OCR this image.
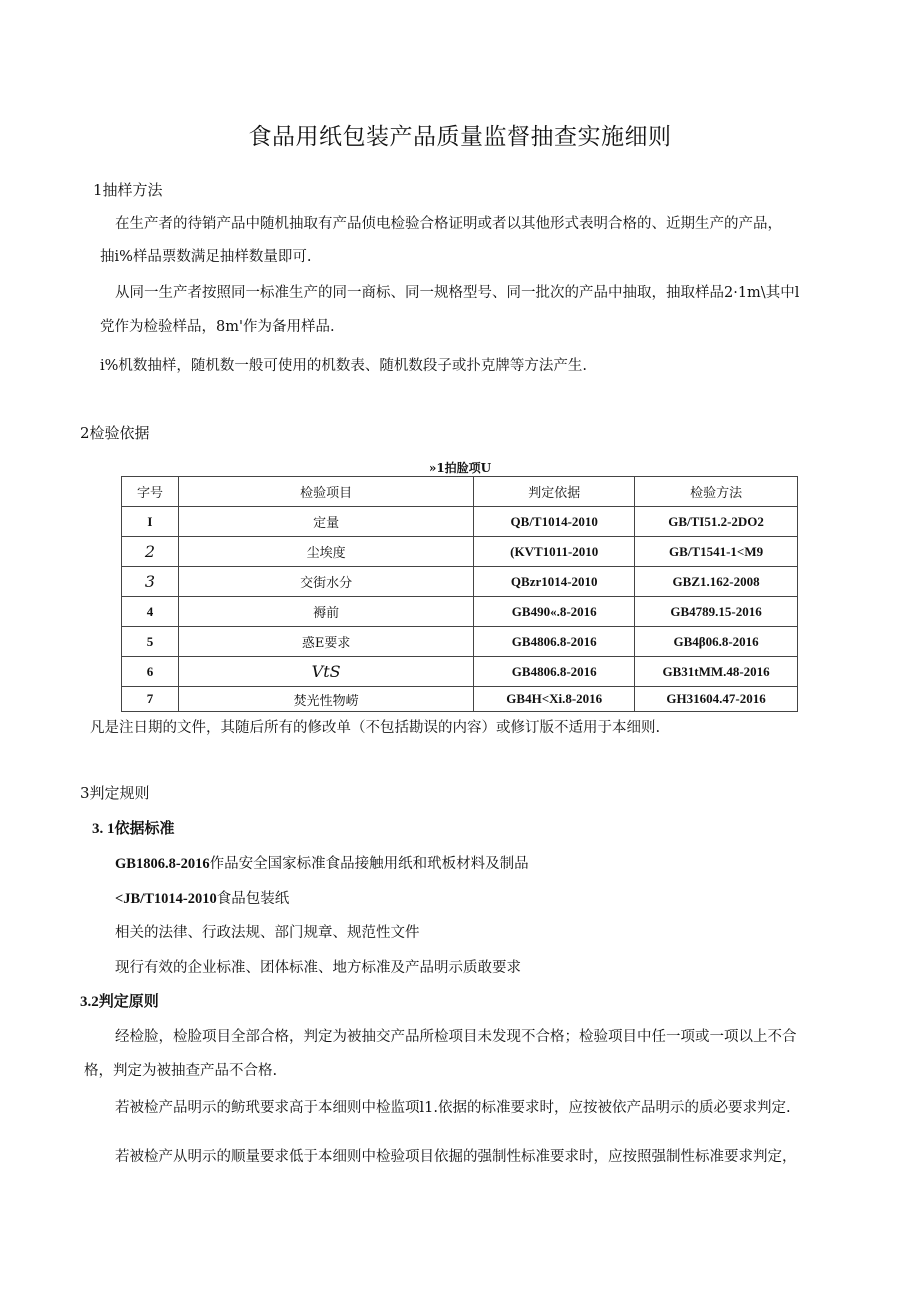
食品用纸包装产品质量监督抽查实施细则
1抽样方法
在生产者的待销产品中随机抽取有产品侦电检验合格证明或者以其他形式表明合格的、近期生产的产品，
抽i%样品票数满足抽样数量即可.
从同一生产者按照同一标准生产的同一商标、同一规格型号、同一批次的产品中抽取，抽取样品2·1m\其中l
党作为检验样品，8m'作为备用样品.
i%机数抽样，随机数一般可使用的机数表、随机数段子或扑克牌等方法产生.
2检验依据
»1拍脸项U
字号	检验项目	判定依据	检验方法
I	定量	QB/T1014-2010	GB/TI51.2-2DO2
2	尘埃度	(KVT1011-2010	GB/T1541-1<M9
3	交街水分	QBzr1014-2010	GBZ1.162-2008
4	褥前	GB490«.8-2016	GB4789.15-2016
5	惑E要求	GB4806.8-2016	GB4β06.8-2016
6	VtS	GB4806.8-2016	GB31tMM.48-2016
7	焚光性物崂	GB4H<Xi.8-2016	GH31604.47-2016
凡是注日期的文件，其随后所有的修改单（不包括勘误的内容）或修订版不适用于本细则.
3判定规则
3. 1依据标准
GB1806.8-2016作品安全国家标准食品接触用纸和玳板材料及制品
<JB/T1014-2010食品包装纸
相关的法律、行政法规、部门规章、规范性文件
现行有效的企业标准、团体标准、地方标准及产品明示质敢要求
3.2判定原则
经检脸，检脸项目全部合格，判定为被抽交产品所检项目未发现不合格；检验项目中任一项或一项以上不合
格，判定为被抽查产品不合格.
若被检产品明示的鲂玳要求高于本细则中检监项l1.依据的标准要求时，应按被依产品明示的质必要求判定.
若被检产从明示的顺量要求低于本细则中检验项目依掘的强制性标准要求时，应按照强制性标准要求判定，
